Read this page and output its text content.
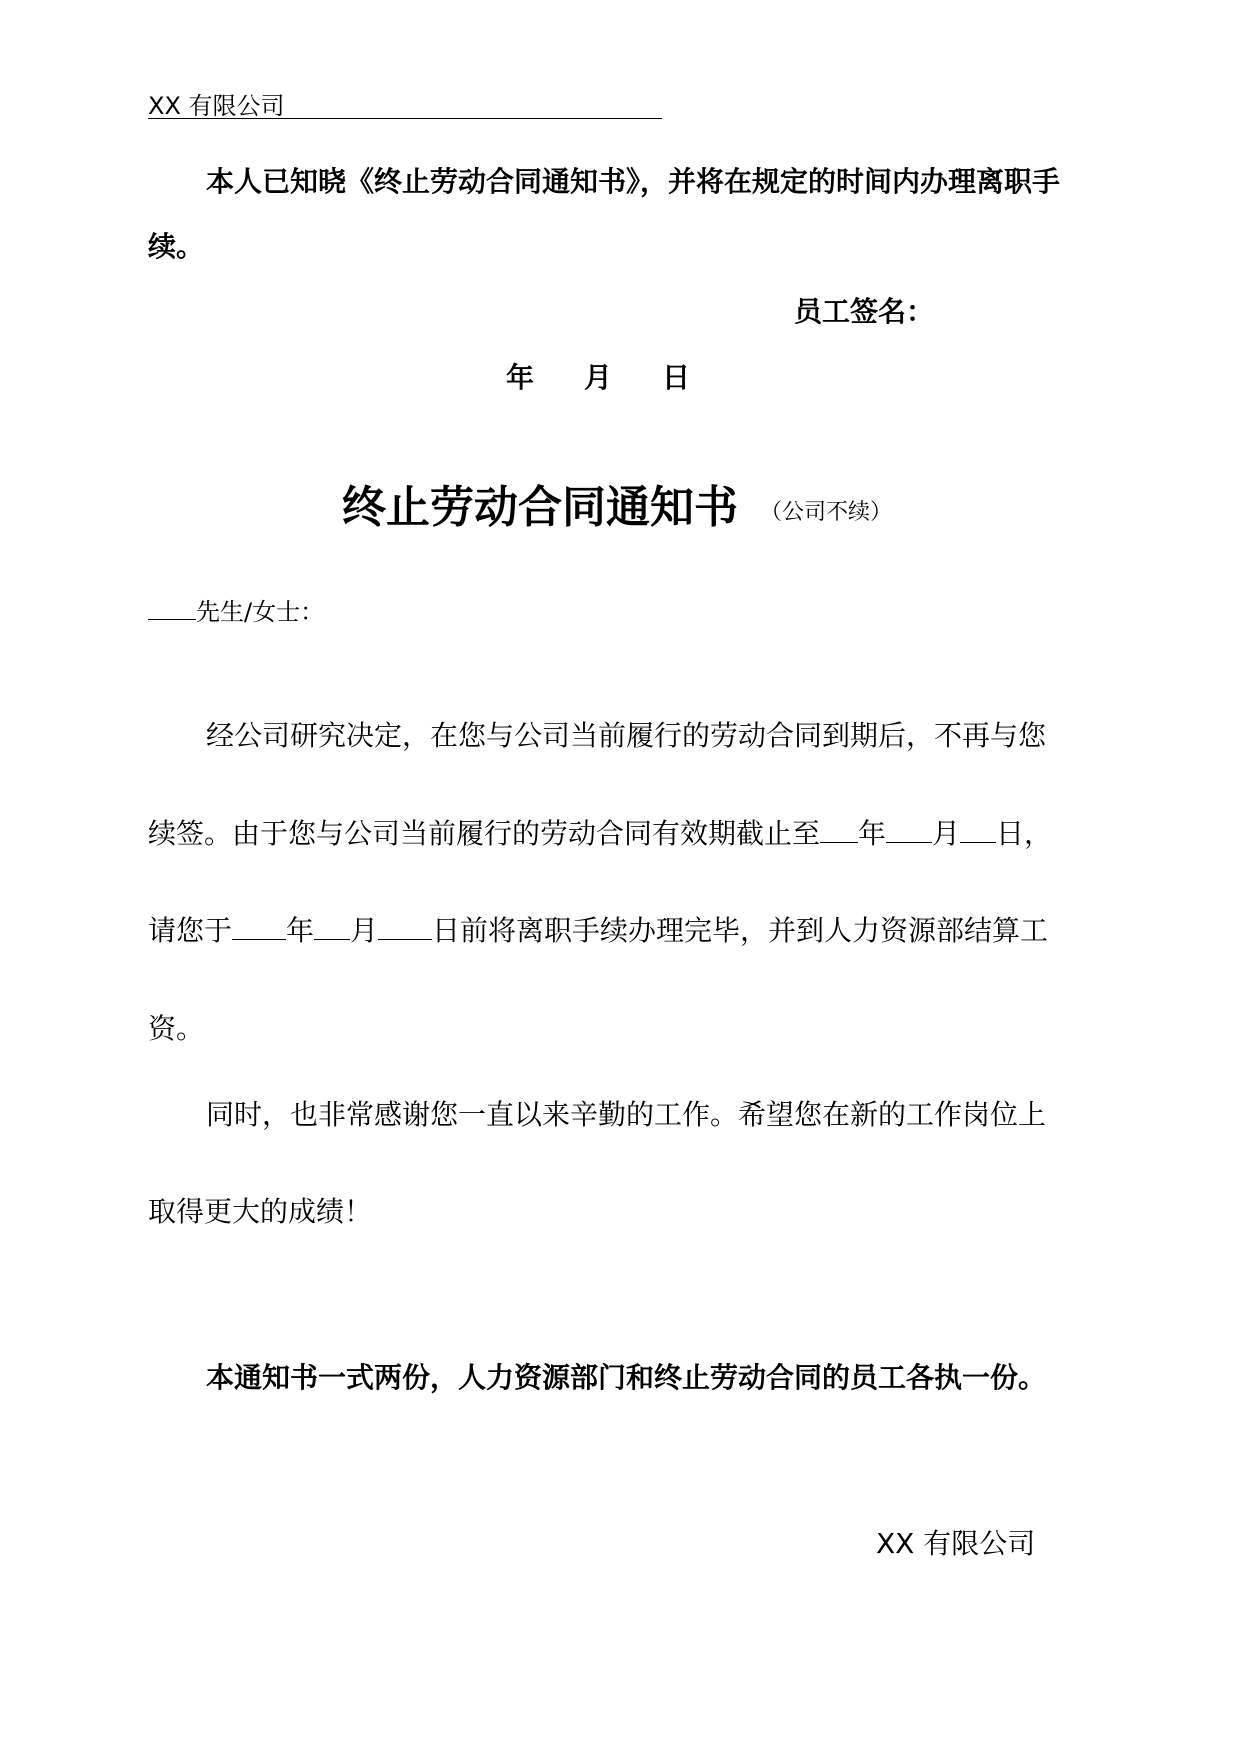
XX 有限公司
本人已知晓《终止劳动合同通知书》，并将在规定的时间内办理离职手
续。
员工签名：
年 月 日
终止劳动合同通知书 （公司不续）
先生/女士：
经公司研究决定，在您与公司当前履行的劳动合同到期后，不再与您
续签。由于您与公司当前履行的劳动合同有效期截止至 年 月 日，
请您于 年 月 日前将离职手续办理完毕，并到人力资源部结算工
资。
同时，也非常感谢您一直以来辛勤的工作。希望您在新的工作岗位上
取得更大的成绩！
本通知书一式两份，人力资源部门和终止劳动合同的员工各执一份。
XX 有限公司
